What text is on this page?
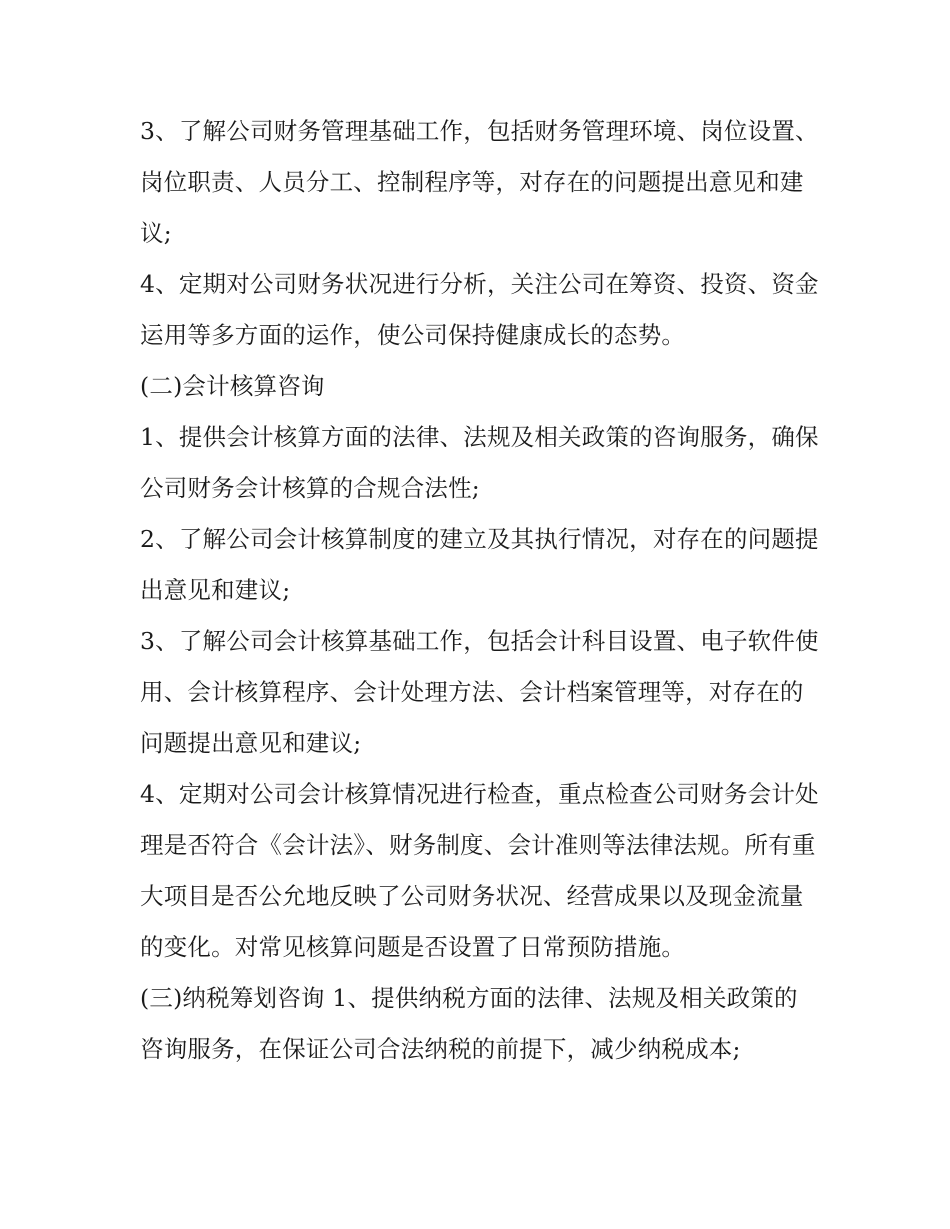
3、了解公司财务管理基础工作，包括财务管理环境、岗位设置、岗位职责、人员分工、控制程序等，对存在的问题提出意见和建议;

4、定期对公司财务状况进行分析，关注公司在筹资、投资、资金运用等多方面的运作，使公司保持健康成长的态势。

(二)会计核算咨询

1、提供会计核算方面的法律、法规及相关政策的咨询服务，确保公司财务会计核算的合规合法性;

2、了解公司会计核算制度的建立及其执行情况，对存在的问题提出意见和建议;

3、了解公司会计核算基础工作，包括会计科目设置、电子软件使用、会计核算程序、会计处理方法、会计档案管理等，对存在的问题提出意见和建议;

4、定期对公司会计核算情况进行检查，重点检查公司财务会计处理是否符合《会计法》、财务制度、会计准则等法律法规。所有重大项目是否公允地反映了公司财务状况、经营成果以及现金流量的变化。对常见核算问题是否设置了日常预防措施。

(三)纳税筹划咨询 1、提供纳税方面的法律、法规及相关政策的咨询服务，在保证公司合法纳税的前提下，减少纳税成本;
